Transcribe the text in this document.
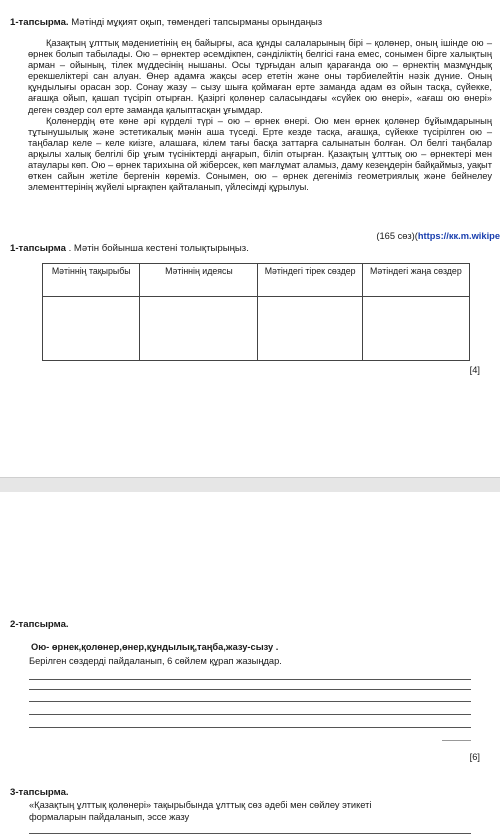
1-тапсырма. Мәтінді мұқият оқып, төмендегі тапсырманы орындаңыз

Қазақтың ұлттық мәдениетінің ең байырғы, аса құнды салаларының бірі – қолөнер, оның ішінде ою – өрнек болып табылады. Ою – өрнектер әсемдікпен, сәнділіктің белгісі ғана емес, сонымен бірге халықтың арман – ойының, тілек мүддесінің нышаны. Осы тұрғыдан алып қарағанда ою – өрнектің мазмұндық ерекшеліктері сан алуан. Өнер адамға жақсы әсер ететін және оны тәрбиелейтін нәзік дүние. Оның құндылығы орасан зор. Сонау жазу – сызу шыға қоймаған ерте заманда адам өз ойын тасқа, сүйекке, ағашқа ойып, қашап түсіріп отырған. Қазіргі қолөнер саласындағы «сүйек ою өнері», «ағаш ою өнері» деген сөздер сол ерте заманда қалыптасқан ұғымдар.

Қолөнердің өте көне әрі күрделі түрі – ою – өрнек өнері. Ою мен өрнек қолөнер бұйымдарының тұтынушылық және эстетикалық мәнін аша түседі. Ерте кезде тасқа, ағашқа, сүйекке түсірілген ою – таңбалар келе – келе киізге, алашаға, кілем тағы басқа заттарға салынатын болған. Ол белгі таңбалар арқылы халық белгілі бір ұғым түсініктерді аңғарып, біліп отырған. Қазақтың ұлттық ою – өрнектері мен атаулары көп. Ою – өрнек тарихына ой жіберсек, көп мағлұмат аламыз, даму кезеңдерін байқаймыз, уақыт өткен сайын жетіле бергенін көреміз. Сонымен, ою – өрнек дегеніміз геометриялық және бейнелеу элементтерінің жүйелі ырғақпен қайталанып, үйлесімді құрылуы.

(165 сөз)(https://кк.m.wikipe
1-тапсырма . Мәтін бойынша кестені толықтырыңыз.
Мәтіннің тақырыбы	Мәтіннің идеясы	Мәтіндегі тірек сөздер	Мәтіндегі жаңа сөздер

[4]
2-тапсырма.
Ою- өрнек,қолөнер,өнер,құндылық,таңба,жазу-сызу .
Берілген сөздерді пайдаланып, 6 сөйлем құрап жазыңдар.
[6]
3-тапсырма.
«Қазақтың ұлттық қолөнері» тақырыбында ұлттық сөз әдебі мен сөйлеу этикеті
формаларын пайдаланып, эссе жазу
